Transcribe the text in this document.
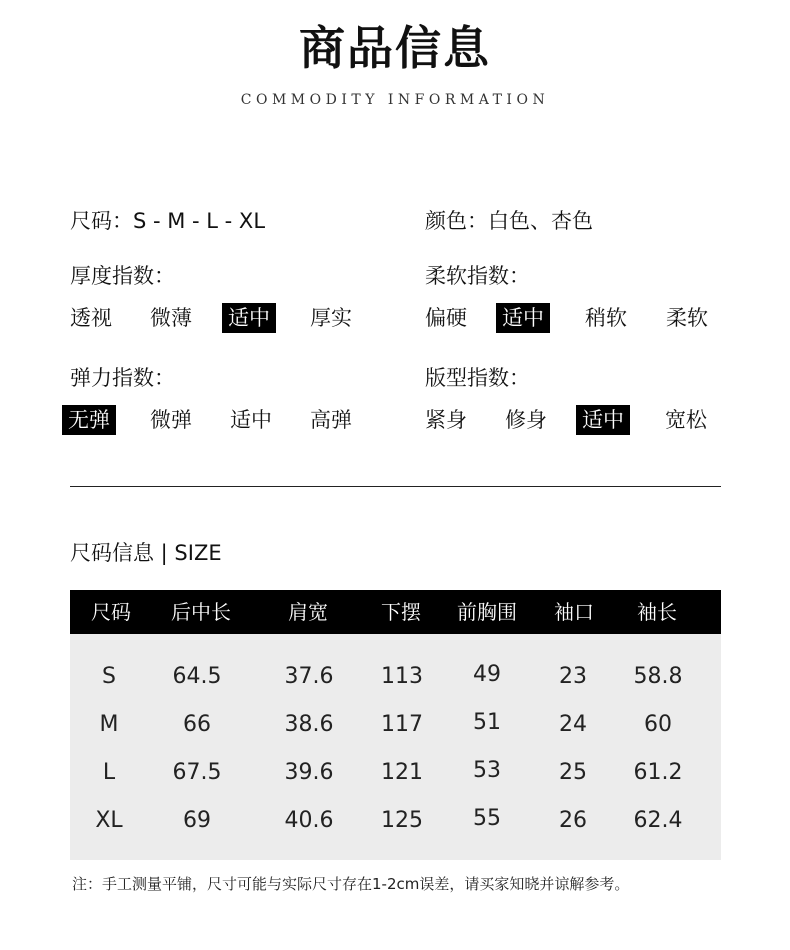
商品信息
COMMODITY INFORMATION
尺码：S - M - L - XL	颜色：白色、杏色
厚度指数：
透视 微薄 适中 厚实
柔软指数：
偏硬 适中 稍软 柔软
弹力指数：
无弹 微弹 适中 高弹
版型指数：
紧身 修身 适中 宽松
尺码信息 | SIZE
尺码 后中长	肩宽	下摆 前胸围 袖口 袖长
S	64.5	37.6 113 49	23 58.8
M	66	38.6 117 51	24	60
L	67.5	39.6 121 53	25 61.2
XL	69	40.6 125 55	26 62.4
注：手工测量平铺，尺寸可能与实际尺寸存在1-2cm误差，请买家知晓并谅解参考。
